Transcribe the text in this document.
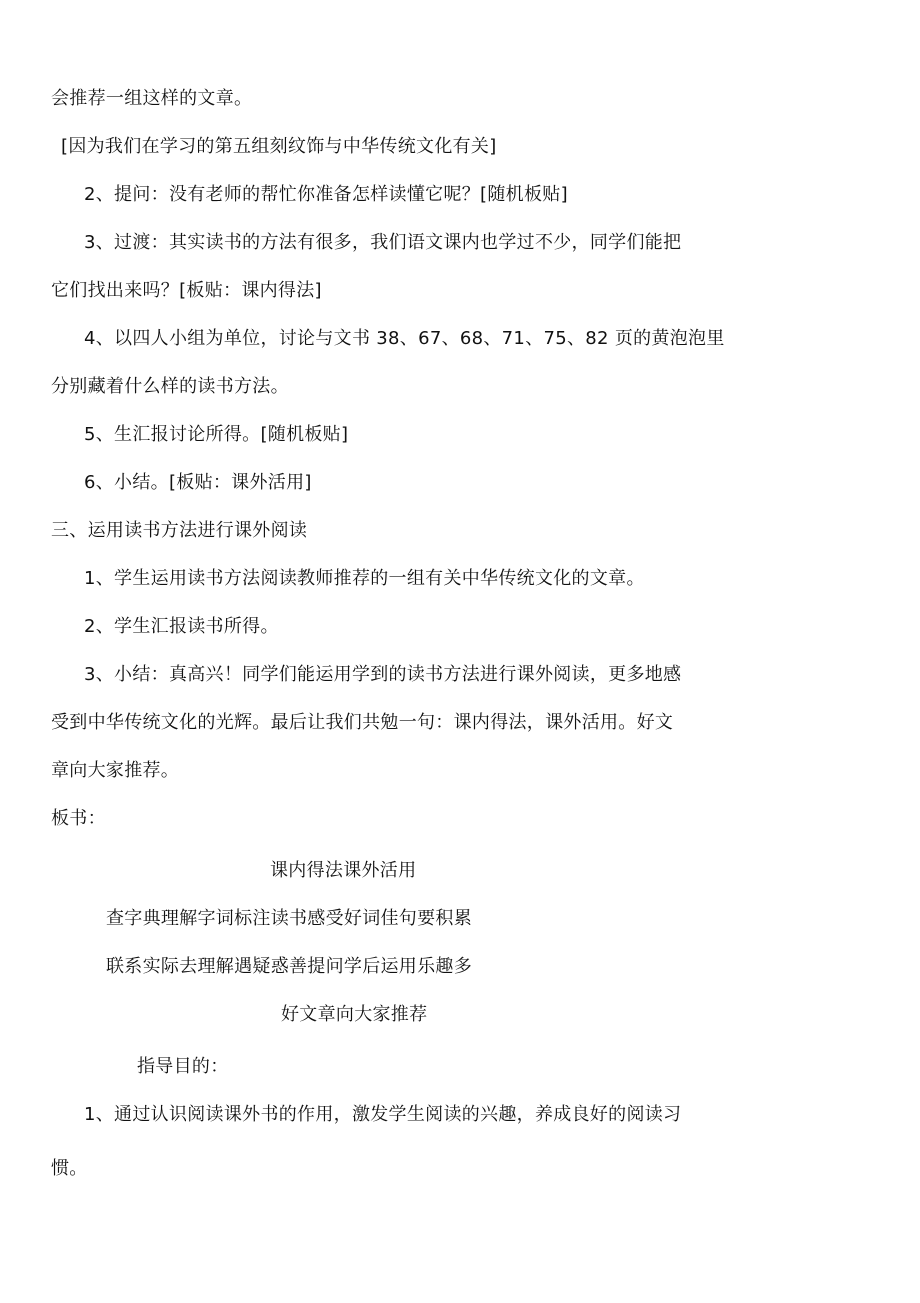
会推荐一组这样的文章。
[因为我们在学习的第五组刻纹饰与中华传统文化有关]
2、提问：没有老师的帮忙你准备怎样读懂它呢？[随机板贴]
3、过渡：其实读书的方法有很多，我们语文课内也学过不少，同学们能把
它们找出来吗？[板贴：课内得法]
4、以四人小组为单位，讨论与文书 38、67、68、71、75、82 页的黄泡泡里
分别藏着什么样的读书方法。
5、生汇报讨论所得。[随机板贴]
6、小结。[板贴：课外活用]
三、运用读书方法进行课外阅读
1、学生运用读书方法阅读教师推荐的一组有关中华传统文化的文章。
2、学生汇报读书所得。
3、小结：真高兴！同学们能运用学到的读书方法进行课外阅读，更多地感
受到中华传统文化的光辉。最后让我们共勉一句：课内得法，课外活用。好文
章向大家推荐。
板书：
课内得法课外活用
查字典理解字词标注读书感受好词佳句要积累
联系实际去理解遇疑惑善提问学后运用乐趣多
好文章向大家推荐
指导目的：
1、通过认识阅读课外书的作用，激发学生阅读的兴趣，养成良好的阅读习
惯。
